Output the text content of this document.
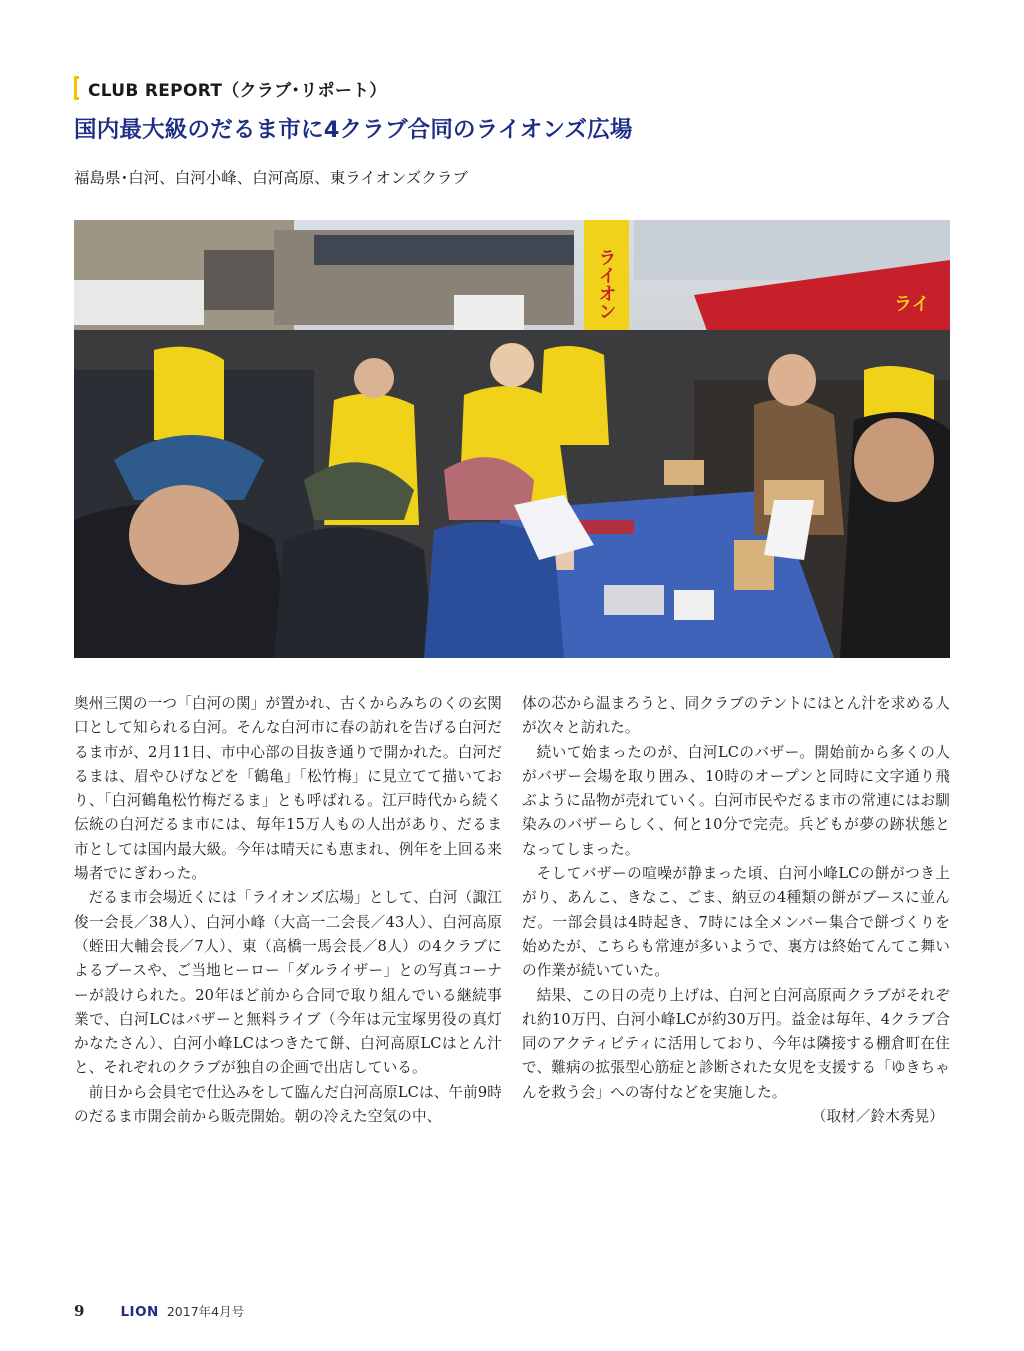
CLUB REPORT（クラブ･リポート）
国内最大級のだるま市に4クラブ合同のライオンズ広場
福島県･白河、白河小峰、白河高原、東ライオンズクラブ
ライオン	ライ

奥州三関の一つ「白河の関」が置かれ、古くからみちのくの玄関口として知られる白河。そんな白河市に春の訪れを告げる白河だるま市が、2月11日、市中心部の目抜き通りで開かれた。白河だるまは、眉やひげなどを「鶴亀」「松竹梅」に見立てて描いており、「白河鶴亀松竹梅だるま」とも呼ばれる。江戸時代から続く伝統の白河だるま市には、毎年15万人もの人出があり、だるま市としては国内最大級。今年は晴天にも恵まれ、例年を上回る来場者でにぎわった。

だるま市会場近くには「ライオンズ広場」として、白河（諏江俊一会長／38人）、白河小峰（大高一二会長／43人）、白河高原（蛭田大輔会長／7人）、東（高橋一馬会長／8人）の4クラブによるブースや、ご当地ヒーロー「ダルライザー」との写真コーナーが設けられた。20年ほど前から合同で取り組んでいる継続事業で、白河LCはバザーと無料ライブ（今年は元宝塚男役の真灯かなたさん）、白河小峰LCはつきたて餅、白河高原LCはとん汁と、それぞれのクラブが独自の企画で出店している。

前日から会員宅で仕込みをして臨んだ白河高原LCは、午前9時のだるま市開会前から販売開始。朝の冷えた空気の中、

体の芯から温まろうと、同クラブのテントにはとん汁を求める人が次々と訪れた。

続いて始まったのが、白河LCのバザー。開始前から多くの人がバザー会場を取り囲み、10時のオープンと同時に文字通り飛ぶように品物が売れていく。白河市民やだるま市の常連にはお馴染みのバザーらしく、何と10分で完売。兵どもが夢の跡状態となってしまった。

そしてバザーの喧噪が静まった頃、白河小峰LCの餅がつき上がり、あんこ、きなこ、ごま、納豆の4種類の餅がブースに並んだ。一部会員は4時起き、7時には全メンバー集合で餅づくりを始めたが、こちらも常連が多いようで、裏方は終始てんてこ舞いの作業が続いていた。

結果、この日の売り上げは、白河と白河高原両クラブがそれぞれ約10万円、白河小峰LCが約30万円。益金は毎年、4クラブ合同のアクティビティに活用しており、今年は隣接する棚倉町在住で、難病の拡張型心筋症と診断された女児を支援する「ゆきちゃんを救う会」への寄付などを実施した。

（取材／鈴木秀晃）

9	LION 2017年4月号
